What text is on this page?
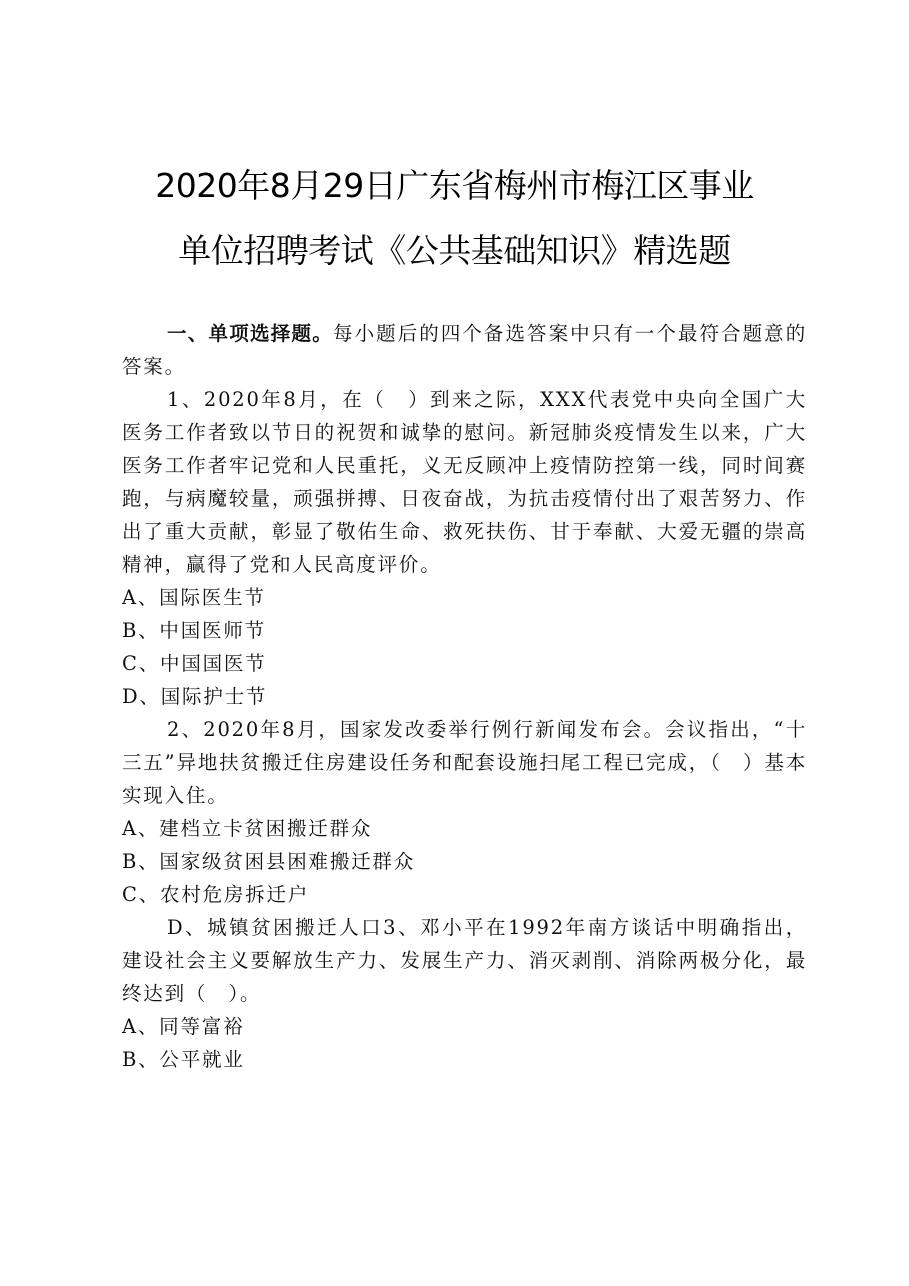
2020年8月29日广东省梅州市梅江区事业
单位招聘考试《公共基础知识》精选题

一、单项选择题。每小题后的四个备选答案中只有一个最符合题意的答案。

1、2020年8月，在（　）到来之际，XXX代表党中央向全国广大医务工作者致以节日的祝贺和诚挚的慰问。新冠肺炎疫情发生以来，广大医务工作者牢记党和人民重托，义无反顾冲上疫情防控第一线，同时间赛跑，与病魔较量，顽强拼搏、日夜奋战，为抗击疫情付出了艰苦努力、作出了重大贡献，彰显了敬佑生命、救死扶伤、甘于奉献、大爱无疆的崇高精神，赢得了党和人民高度评价。

A、国际医生节

B、中国医师节

C、中国国医节

D、国际护士节

2、2020年8月，国家发改委举行例行新闻发布会。会议指出，“十三五”异地扶贫搬迁住房建设任务和配套设施扫尾工程已完成，（　）基本实现入住。

A、建档立卡贫困搬迁群众

B、国家级贫困县困难搬迁群众

C、农村危房拆迁户

D、城镇贫困搬迁人口3、邓小平在1992年南方谈话中明确指出，建设社会主义要解放生产力、发展生产力、消灭剥削、消除两极分化，最终达到（　）。

A、同等富裕

B、公平就业
